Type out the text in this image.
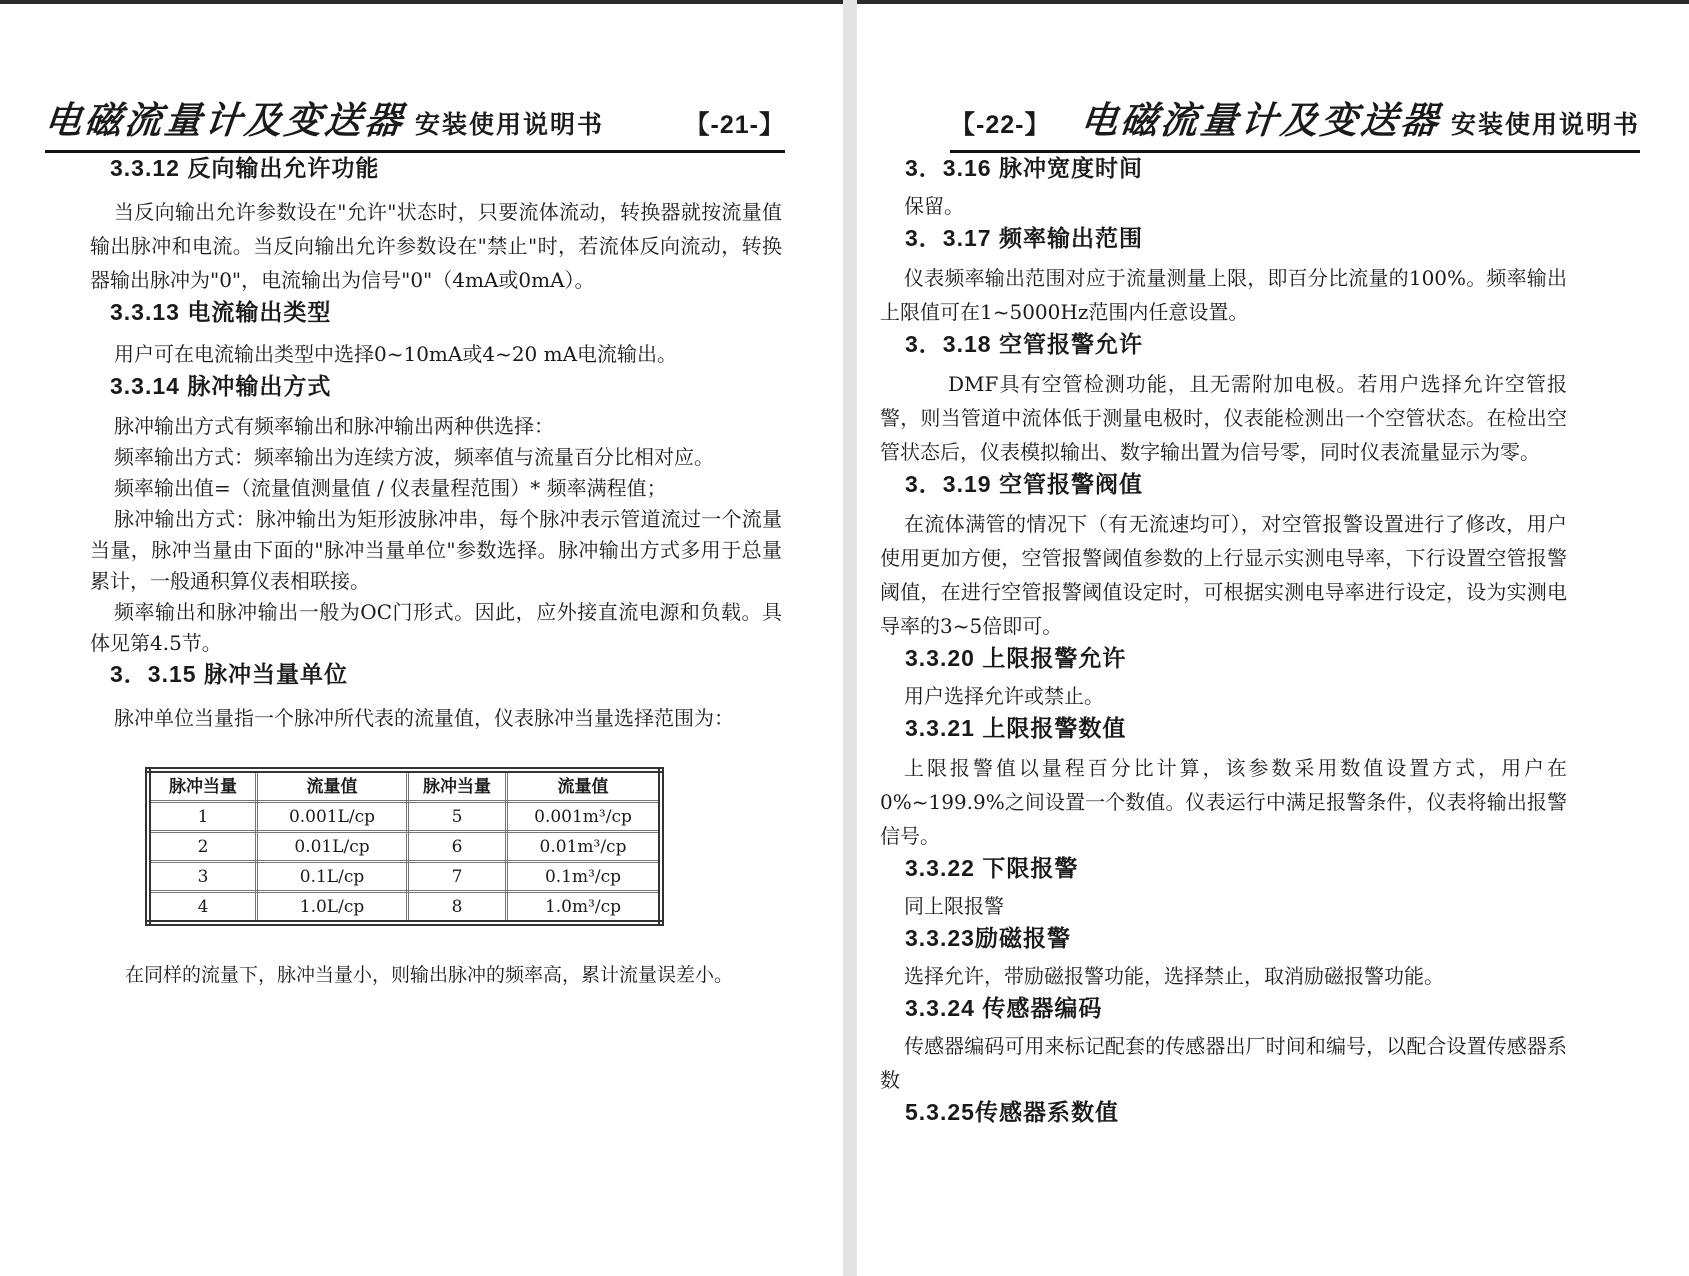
电磁流量计及变送器 安装使用说明书	【-21-】
3.3.12 反向输出允许功能

当反向输出允许参数设在"允许"状态时，只要流体流动，转换器就按流量值输出脉冲和电流。当反向输出允许参数设在"禁止"时，若流体反向流动，转换器输出脉冲为"0"，电流输出为信号"0"（4mA或0mA）。

3.3.13 电流输出类型

用户可在电流输出类型中选择0~10mA或4~20 mA电流输出。

3.3.14 脉冲输出方式

脉冲输出方式有频率输出和脉冲输出两种供选择：

频率输出方式：频率输出为连续方波，频率值与流量百分比相对应。

频率输出值=（流量值测量值 / 仪表量程范围）* 频率满程值；

脉冲输出方式：脉冲输出为矩形波脉冲串，每个脉冲表示管道流过一个流量当量，脉冲当量由下面的"脉冲当量单位"参数选择。脉冲输出方式多用于总量累计，一般通积算仪表相联接。

频率输出和脉冲输出一般为OC门形式。因此，应外接直流电源和负载。具体见第4.5节。

3．3.15 脉冲当量单位

脉冲单位当量指一个脉冲所代表的流量值，仪表脉冲当量选择范围为：

脉冲当量	流量值	脉冲当量	流量值
1	0.001L/cp	5	0.001m³/cp
2	0.01L/cp	6	0.01m³/cp
3	0.1L/cp	7	0.1m³/cp
4	1.0L/cp	8	1.0m³/cp

在同样的流量下，脉冲当量小，则输出脉冲的频率高，累计流量误差小。

【-22-】 电磁流量计及变送器 安装使用说明书
3．3.16 脉冲宽度时间

保留。

3．3.17 频率输出范围

仪表频率输出范围对应于流量测量上限，即百分比流量的100%。频率输出上限值可在1~5000Hz范围内任意设置。

3．3.18 空管报警允许

DMF具有空管检测功能，且无需附加电极。若用户选择允许空管报警，则当管道中流体低于测量电极时，仪表能检测出一个空管状态。在检出空管状态后，仪表模拟输出、数字输出置为信号零，同时仪表流量显示为零。

3．3.19 空管报警阀值

在流体满管的情况下（有无流速均可），对空管报警设置进行了修改，用户使用更加方便，空管报警阈值参数的上行显示实测电导率，下行设置空管报警阈值，在进行空管报警阈值设定时，可根据实测电导率进行设定，设为实测电导率的3~5倍即可。

3.3.20 上限报警允许

用户选择允许或禁止。

3.3.21 上限报警数值

上限报警值以量程百分比计算，该参数采用数值设置方式，用户在0%~199.9%之间设置一个数值。仪表运行中满足报警条件，仪表将输出报警信号。

3.3.22 下限报警

同上限报警

3.3.23励磁报警

选择允许，带励磁报警功能，选择禁止，取消励磁报警功能。

3.3.24 传感器编码

传感器编码可用来标记配套的传感器出厂时间和编号，以配合设置传感器系数

5.3.25传感器系数值
